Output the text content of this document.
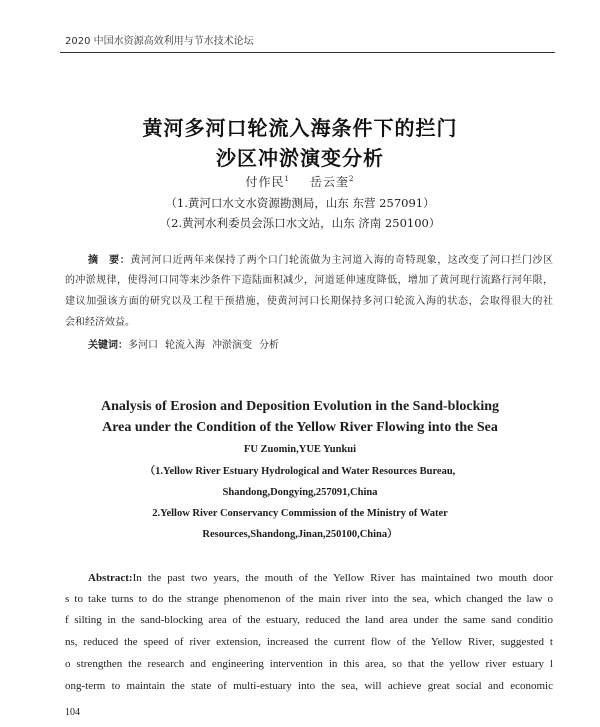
2020 中国水资源高效利用与节水技术论坛
黄河多河口轮流入海条件下的拦门
沙区冲淤演变分析
付作民$^1$ 岳云奎$^2$
（1.黄河口水文水资源勘测局，山东 东营 257091）
（2.黄河水利委员会泺口水文站，山东 济南 250100）
摘　要：黄河河口近两年来保持了两个口门轮流做为主河道入海的奇特现象，这改变了河口拦门沙区
的冲淤规律，使得河口同等来沙条件下造陆面积减少，河道延伸速度降低，增加了黄河现行流路行河年限，
建议加强该方面的研究以及工程干预措施，使黄河河口长期保持多河口轮流入海的状态，会取得很大的社
会和经济效益。
关键词：多河口 轮流入海 冲淤演变 分析
Analysis of Erosion and Deposition Evolution in the Sand-blocking
Area under the Condition of the Yellow River Flowing into the Sea
FU Zuomin,YUE Yunkui
（1.Yellow River Estuary Hydrological and Water Resources Bureau,
Shandong,Dongying,257091,China
2.Yellow River Conservancy Commission of the Ministry of Water
Resources,Shandong,Jinan,250100,China）
Abstract:In the past two years, the mouth of the Yellow River has maintained two mouth door
s to take turns to do the strange phenomenon of the main river into the sea, which changed the law o
f silting in the sand-blocking area of the estuary, reduced the land area under the same sand conditio
ns, reduced the speed of river extension, increased the current flow of the Yellow River, suggested t
o strengthen the research and engineering intervention in this area, so that the yellow river estuary l
ong-term to maintain the state of multi-estuary into the sea, will achieve great social and economic
104
